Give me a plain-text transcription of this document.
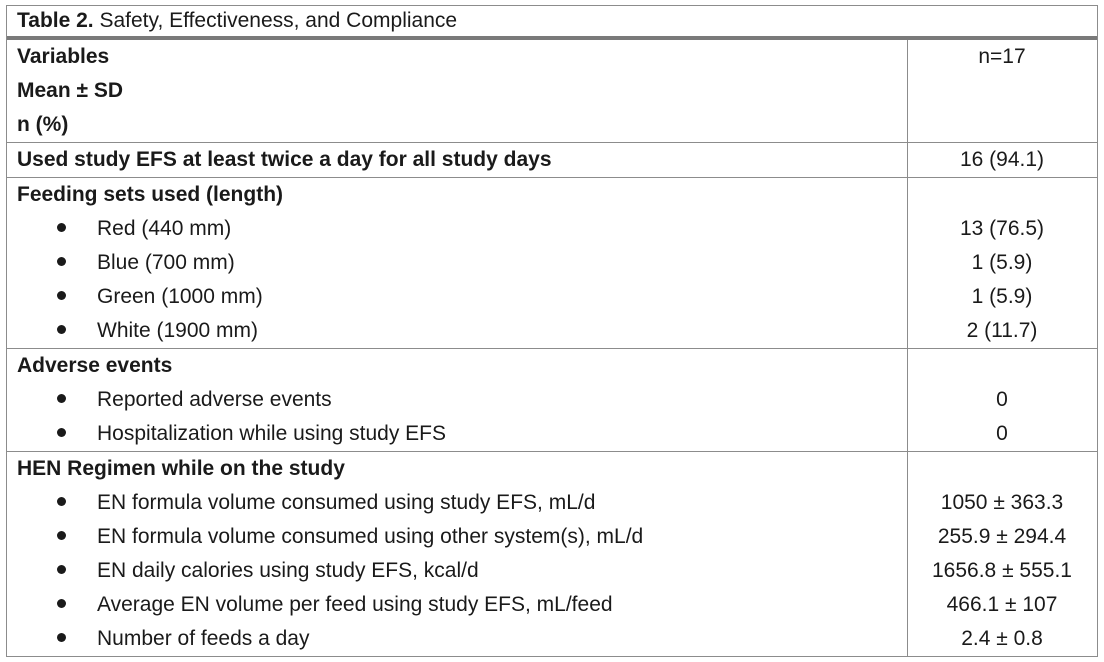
Table 2. Safety, Effectiveness, and Compliance
Variables	n=17
Mean ± SD
n (%)
Used study EFS at least twice a day for all study days	16 (94.1)
Feeding sets used (length)
Red (440 mm)	13 (76.5)
Blue (700 mm)	1 (5.9)
Green (1000 mm)	1 (5.9)
White (1900 mm)	2 (11.7)
Adverse events
Reported adverse events	0
Hospitalization while using study EFS	0
HEN Regimen while on the study
EN formula volume consumed using study EFS, mL/d	1050 ± 363.3
EN formula volume consumed using other system(s), mL/d	255.9 ± 294.4
EN daily calories using study EFS, kcal/d	1656.8 ± 555.1
Average EN volume per feed using study EFS, mL/feed	466.1 ± 107
Number of feeds a day	2.4 ± 0.8
